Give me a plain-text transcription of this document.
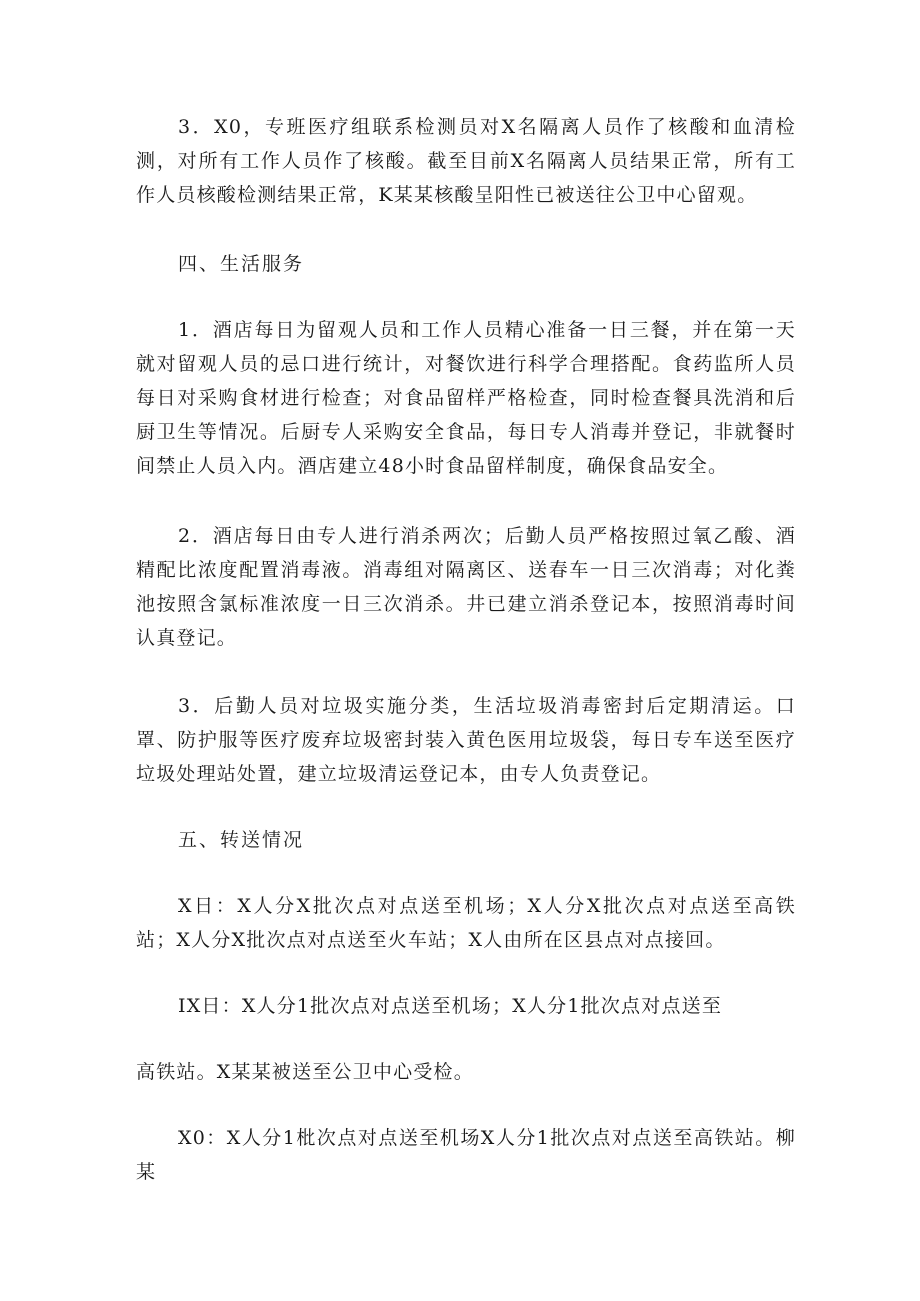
3．X0，专班医疗组联系检测员对X名隔离人员作了核酸和血清检测，对所有工作人员作了核酸。截至目前X名隔离人员结果正常，所有工作人员核酸检测结果正常，K某某核酸呈阳性已被送往公卫中心留观。

四、生活服务

1．酒店每日为留观人员和工作人员精心准备一日三餐，并在第一天就对留观人员的忌口进行统计，对餐饮进行科学合理搭配。食药监所人员每日对采购食材进行检查；对食品留样严格检查，同时检查餐具洗消和后厨卫生等情况。后厨专人采购安全食品，每日专人消毒并登记，非就餐时间禁止人员入内。酒店建立48小时食品留样制度，确保食品安全。

2．酒店每日由专人进行消杀两次；后勤人员严格按照过氧乙酸、酒精配比浓度配置消毒液。消毒组对隔离区、送春车一日三次消毒；对化粪池按照含氯标准浓度一日三次消杀。井已建立消杀登记本，按照消毒时间认真登记。

3．后勤人员对垃圾实施分类，生活垃圾消毒密封后定期清运。口罩、防护服等医疗废弃垃圾密封装入黄色医用垃圾袋，每日专车送至医疗垃圾处理站处置，建立垃圾清运登记本，由专人负责登记。

五、转送情况

X日：X人分X批次点对点送至机场；X人分X批次点对点送至高铁站；X人分X批次点对点送至火车站；X人由所在区县点对点接回。

IX日：X人分1批次点对点送至机场；X人分1批次点对点送至

高铁站。X某某被送至公卫中心受检。

X0：X人分1枇次点对点送至机场X人分1批次点对点送至高铁站。柳某
